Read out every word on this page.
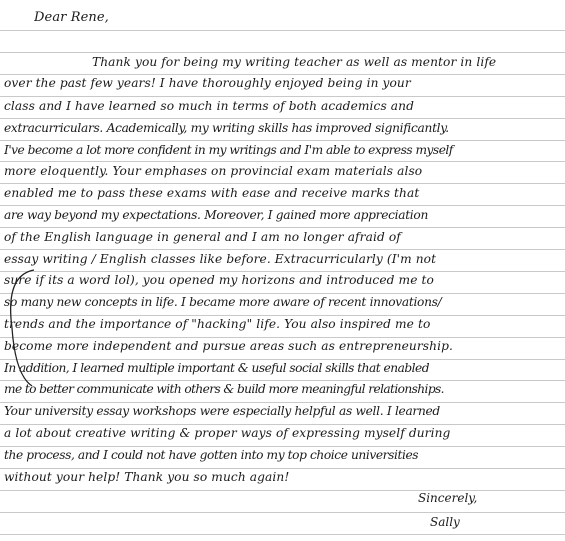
Dear Rene,
Thank you for being my writing teacher as well as mentor in life
over the past few years! I have thoroughly enjoyed being in your
class and I have learned so much in terms of both academics and
extracurriculars. Academically, my writing skills has improved significantly.
I've become a lot more confident in my writings and I'm able to express myself
more eloquently. Your emphases on provincial exam materials also
enabled me to pass these exams with ease and receive marks that
are way beyond my expectations. Moreover, I gained more appreciation
of the English language in general and I am no longer afraid of
essay writing / English classes like before. Extracurricularly (I'm not
sure if its a word lol), you opened my horizons and introduced me to
so many new concepts in life. I became more aware of recent innovations/
trends and the importance of "hacking" life. You also inspired me to
become more independent and pursue areas such as entrepreneurship.
In addition, I learned multiple important & useful social skills that enabled
me to better communicate with others & build more meaningful relationships.
Your university essay workshops were especially helpful as well. I learned
a lot about creative writing & proper ways of expressing myself during
the process, and I could not have gotten into my top choice universities
without your help! Thank you so much again!
Sincerely,
Sally
